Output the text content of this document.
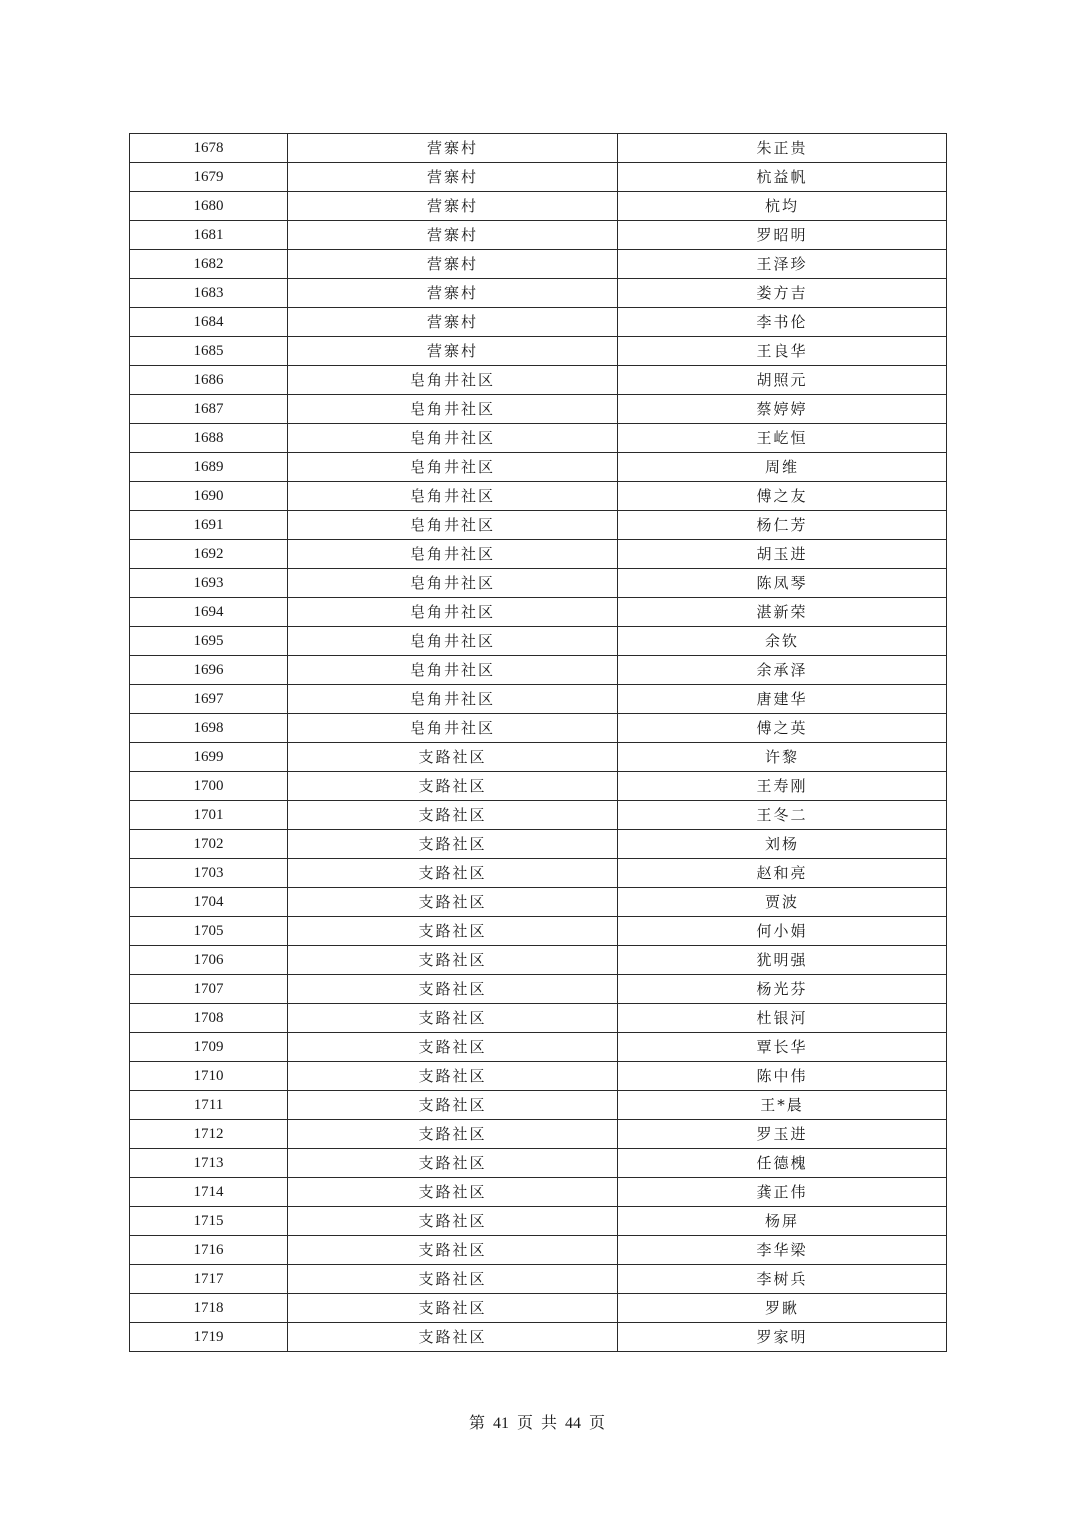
1678	营寨村	朱正贵
1679	营寨村	杭益帆
1680	营寨村	杭均
1681	营寨村	罗昭明
1682	营寨村	王泽珍
1683	营寨村	娄方吉
1684	营寨村	李书伦
1685	营寨村	王良华
1686	皂角井社区	胡照元
1687	皂角井社区	蔡婷婷
1688	皂角井社区	王屹恒
1689	皂角井社区	周维
1690	皂角井社区	傅之友
1691	皂角井社区	杨仁芳
1692	皂角井社区	胡玉进
1693	皂角井社区	陈凤琴
1694	皂角井社区	湛新荣
1695	皂角井社区	余钦
1696	皂角井社区	余承泽
1697	皂角井社区	唐建华
1698	皂角井社区	傅之英
1699	支路社区	许黎
1700	支路社区	王寿刚
1701	支路社区	王冬二
1702	支路社区	刘杨
1703	支路社区	赵和亮
1704	支路社区	贾波
1705	支路社区	何小娟
1706	支路社区	犹明强
1707	支路社区	杨光芬
1708	支路社区	杜银河
1709	支路社区	覃长华
1710	支路社区	陈中伟
1711	支路社区	王*晨
1712	支路社区	罗玉进
1713	支路社区	任德槐
1714	支路社区	龚正伟
1715	支路社区	杨屏
1716	支路社区	李华梁
1717	支路社区	李树兵
1718	支路社区	罗瞅
1719	支路社区	罗家明
第 41 页 共 44 页
